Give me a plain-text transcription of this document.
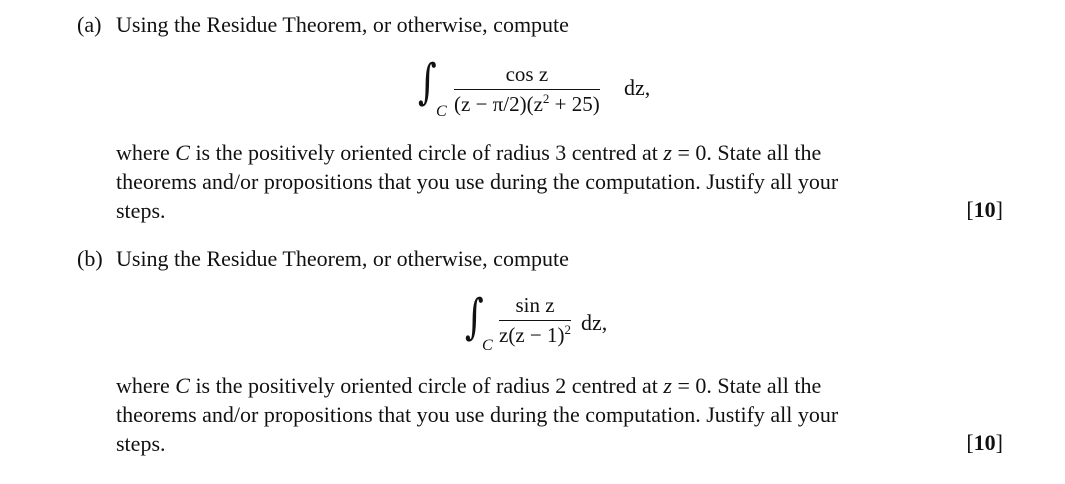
(a) Using the Residue Theorem, or otherwise, compute
∫
C
cos z
$(z - \pi/2)(z^2 + 25)$
dz,
where C is the positively oriented circle of radius 3 centred at z = 0. State all the
theorems and/or propositions that you use during the computation. Justify all your
steps.	[10]
(b) Using the Residue Theorem, or otherwise, compute
∫
C
sin z
$z(z - 1)^2$ dz,
where C is the positively oriented circle of radius 2 centred at z = 0. State all the
theorems and/or propositions that you use during the computation. Justify all your
steps.	[10]
